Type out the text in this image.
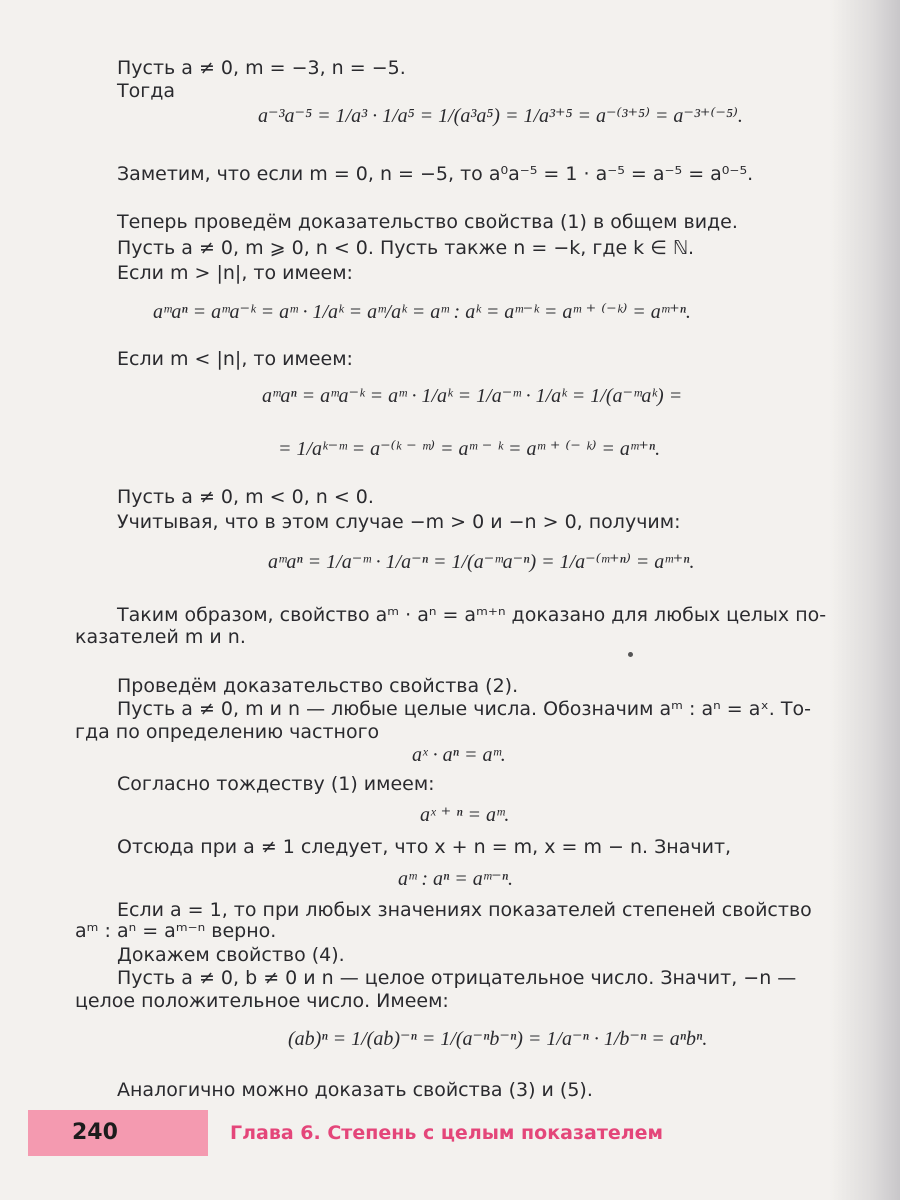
Пусть a ≠ 0, m = −3, n = −5.
Тогда
a⁻³a⁻⁵ = 1/a³ · 1/a⁵ = 1/(a³a⁵) = 1/a³⁺⁵ = a⁻⁽³⁺⁵⁾ = a⁻³⁺⁽⁻⁵⁾.
Заметим, что если m = 0, n = −5, то a⁰a⁻⁵ = 1 · a⁻⁵ = a⁻⁵ = a⁰⁻⁵.
Теперь проведём доказательство свойства (1) в общем виде.
Пусть a ≠ 0, m ⩾ 0, n < 0. Пусть также n = −k, где k ∈ ℕ.
Если m > |n|, то имеем:
aᵐaⁿ = aᵐa⁻ᵏ = aᵐ · 1/aᵏ = aᵐ/aᵏ = aᵐ : aᵏ = aᵐ⁻ᵏ = aᵐ ⁺ ⁽⁻ᵏ⁾ = aᵐ⁺ⁿ.
Если m < |n|, то имеем:
aᵐaⁿ = aᵐa⁻ᵏ = aᵐ · 1/aᵏ = 1/a⁻ᵐ · 1/aᵏ = 1/(a⁻ᵐaᵏ) =
= 1/aᵏ⁻ᵐ = a⁻⁽ᵏ ⁻ ᵐ⁾ = aᵐ ⁻ ᵏ = aᵐ ⁺ ⁽⁻ ᵏ⁾ = aᵐ⁺ⁿ.
Пусть a ≠ 0, m < 0, n < 0.
Учитывая, что в этом случае −m > 0 и −n > 0, получим:
aᵐaⁿ = 1/a⁻ᵐ · 1/a⁻ⁿ = 1/(a⁻ᵐa⁻ⁿ) = 1/a⁻⁽ᵐ⁺ⁿ⁾ = aᵐ⁺ⁿ.
Таким образом, свойство aᵐ · aⁿ = aᵐ⁺ⁿ доказано для любых целых по-
казателей m и n.
Проведём доказательство свойства (2).
Пусть a ≠ 0, m и n — любые целые числа. Обозначим aᵐ : aⁿ = aˣ. То-
гда по определению частного
aˣ · aⁿ = aᵐ.
Согласно тождеству (1) имеем:
aˣ ⁺ ⁿ = aᵐ.
Отсюда при a ≠ 1 следует, что x + n = m, x = m − n. Значит,
aᵐ : aⁿ = aᵐ⁻ⁿ.
Если a = 1, то при любых значениях показателей степеней свойство
aᵐ : aⁿ = aᵐ⁻ⁿ верно.
Докажем свойство (4).
Пусть a ≠ 0, b ≠ 0 и n — целое отрицательное число. Значит, −n —
целое положительное число. Имеем:
(ab)ⁿ = 1/(ab)⁻ⁿ = 1/(a⁻ⁿb⁻ⁿ) = 1/a⁻ⁿ · 1/b⁻ⁿ = aⁿbⁿ.
Аналогично можно доказать свойства (3) и (5).
240	Глава 6. Степень с целым показателем
